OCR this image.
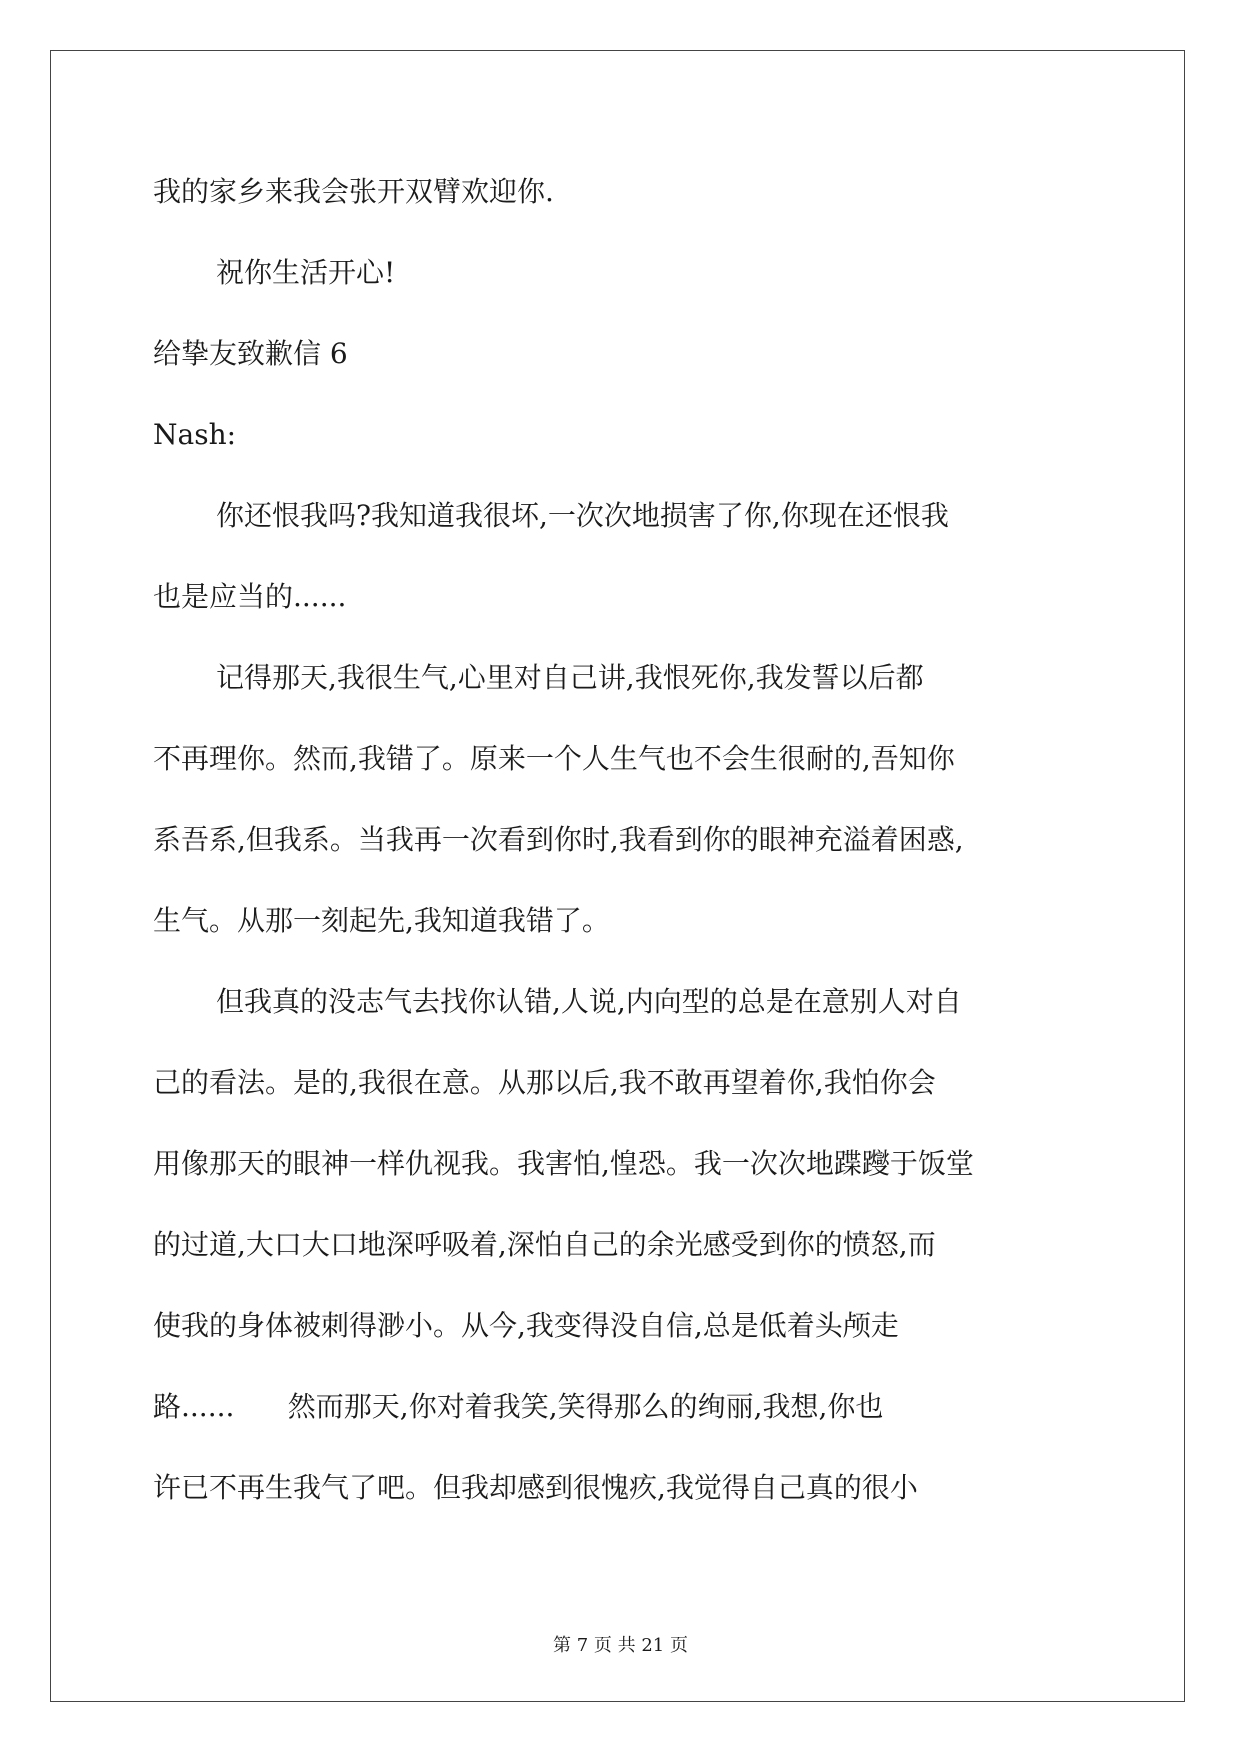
我的家乡来我会张开双臂欢迎你.
祝你生活开心!
给挚友致歉信 6
Nash:
你还恨我吗?我知道我很坏,一次次地损害了你,你现在还恨我
也是应当的......
记得那天,我很生气,心里对自己讲,我恨死你,我发誓以后都
不再理你。然而,我错了。原来一个人生气也不会生很耐的,吾知你
系吾系,但我系。当我再一次看到你时,我看到你的眼神充溢着困惑,
生气。从那一刻起先,我知道我错了。
但我真的没志气去找你认错,人说,内向型的总是在意别人对自
己的看法。是的,我很在意。从那以后,我不敢再望着你,我怕你会
用像那天的眼神一样仇视我。我害怕,惶恐。我一次次地蹀躞于饭堂
的过道,大口大口地深呼吸着,深怕自己的余光感受到你的愤怒,而
使我的身体被刺得渺小。从今,我变得没自信,总是低着头颅走
路......      然而那天,你对着我笑,笑得那么的绚丽,我想,你也
许已不再生我气了吧。但我却感到很愧疚,我觉得自己真的很小
第 7 页 共 21 页
